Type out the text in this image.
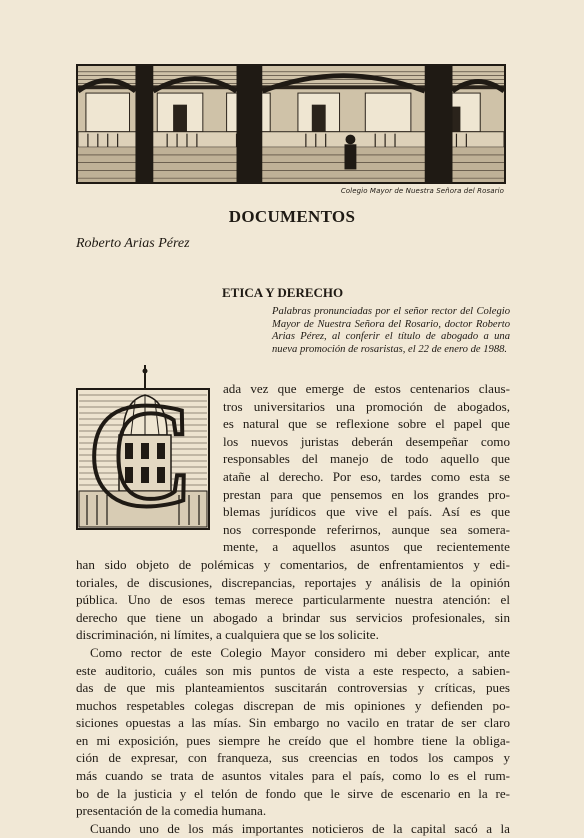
Colegio Mayor de Nuestra Señora del Rosario
DOCUMENTOS
Roberto Arias Pérez
ETICA Y DERECHO
Palabras pronunciadas por el señor rector del Colegio Mayor de Nuestra Señora del Rosario, doctor Roberto Arias Pérez, al conferir el título de abogado a una nueva promoción de rosaristas, el 22 de enero de 1988.
C	ada vez que emerge de estos centenarios claus-
tros universitarios una promoción de abogados,
es natural que se reflexione sobre el papel que
los nuevos juristas deberán desempeñar como
responsables del manejo de todo aquello que
atañe al derecho. Por eso, tardes como esta se
prestan para que pensemos en los grandes pro-
blemas jurídicos que vive el país. Así es que
nos corresponde referirnos, aunque sea somera-
mente, a aquellos asuntos que recientemente
han sido objeto de polémicas y comentarios, de enfrentamientos y edi-
toriales, de discusiones, discrepancias, reportajes y análisis de la opinión
pública. Uno de esos temas merece particularmente nuestra atención: el
derecho que tiene un abogado a brindar sus servicios profesionales, sin
discriminación, ni límites, a cualquiera que se los solicite.
Como rector de este Colegio Mayor considero mi deber explicar, ante
este auditorio, cuáles son mis puntos de vista a este respecto, a sabien-
das de que mis planteamientos suscitarán controversias y críticas, pues
muchos respetables colegas discrepan de mis opiniones y defienden po-
siciones opuestas a las mías. Sin embargo no vacilo en tratar de ser claro
en mi exposición, pues siempre he creído que el hombre tiene la obliga-
ción de expresar, con franqueza, sus creencias en todos los campos y
más cuando se trata de asuntos vitales para el país, como lo es el rum-
bo de la justicia y el telón de fondo que le sirve de escenario en la re-
presentación de la comedia humana.
Cuando uno de los más importantes noticieros de la capital sacó a la
